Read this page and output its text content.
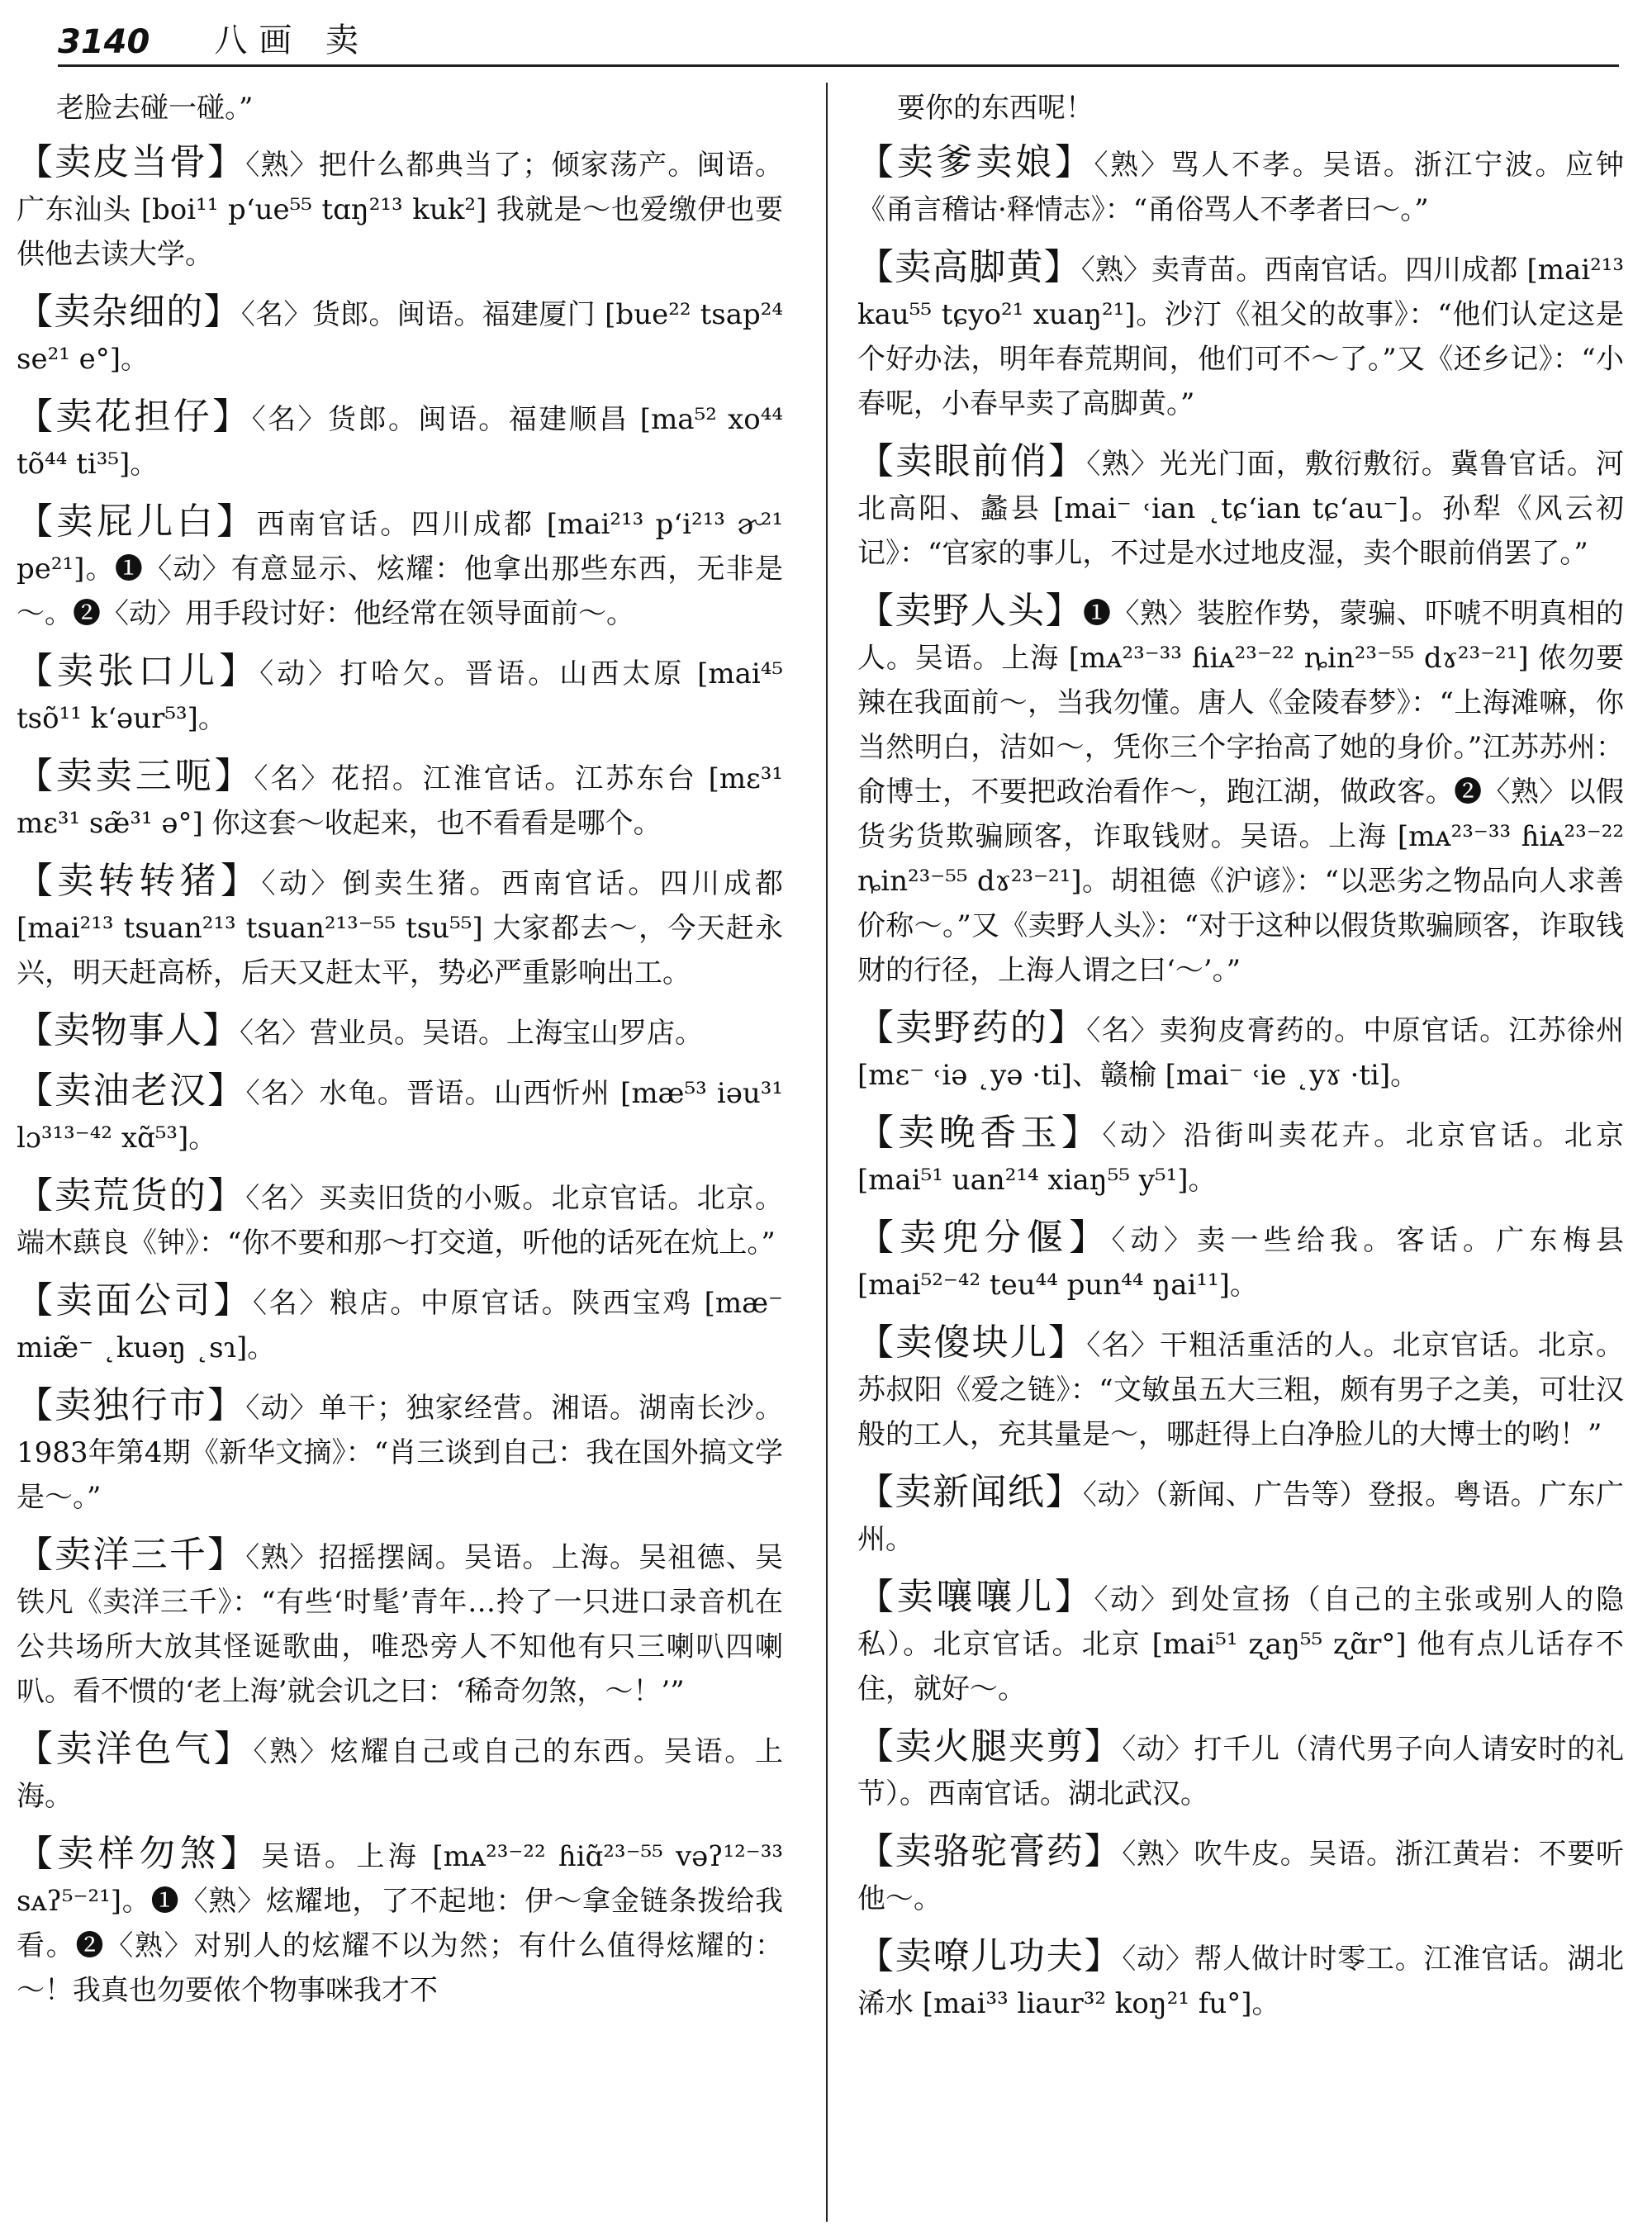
3140 八画 卖
老脸去碰一碰。”
【卖皮当骨】〈熟〉把什么都典当了；倾家荡产。闽语。广东汕头 [boi¹¹ p‘ue⁵⁵ tɑŋ²¹³ kuk²] 我就是～也爱缴伊也要供他去读大学。
【卖杂细的】〈名〉货郎。闽语。福建厦门 [bue²² tsap²⁴ se²¹ e°]。
【卖花担仔】〈名〉货郎。闽语。福建顺昌 [ma⁵² xo⁴⁴ tõ⁴⁴ ti³⁵]。
【卖屁儿白】西南官话。四川成都 [mai²¹³ p‘i²¹³ ɚ²¹ pe²¹]。❶〈动〉有意显示、炫耀：他拿出那些东西，无非是～。❷〈动〉用手段讨好：他经常在领导面前～。
【卖张口儿】〈动〉打哈欠。晋语。山西太原 [mai⁴⁵ tsõ¹¹ k‘əur⁵³]。
【卖卖三呃】〈名〉花招。江淮官话。江苏东台 [mɛ³¹ mɛ³¹ sæ̃³¹ ə°] 你这套～收起来，也不看看是哪个。
【卖转转猪】〈动〉倒卖生猪。西南官话。四川成都 [mai²¹³ tsuan²¹³ tsuan²¹³⁻⁵⁵ tsu⁵⁵] 大家都去～，今天赶永兴，明天赶高桥，后天又赶太平，势必严重影响出工。
【卖物事人】〈名〉营业员。吴语。上海宝山罗店。
【卖油老汉】〈名〉水龟。晋语。山西忻州 [mæ⁵³ iəu³¹ lɔ³¹³⁻⁴² xɑ̃⁵³]。
【卖荒货的】〈名〉买卖旧货的小贩。北京官话。北京。端木蕻良《钟》：“你不要和那～打交道，听他的话死在炕上。”
【卖面公司】〈名〉粮店。中原官话。陕西宝鸡 [mæ⁻ miæ̃⁻ ˛kuəŋ ˛sɿ]。
【卖独行市】〈动〉单干；独家经营。湘语。湖南长沙。1983年第4期《新华文摘》：“肖三谈到自己：我在国外搞文学是～。”
【卖洋三千】〈熟〉招摇摆阔。吴语。上海。吴祖德、吴铁凡《卖洋三千》：“有些‘时髦’青年…拎了一只进口录音机在公共场所大放其怪诞歌曲，唯恐旁人不知他有只三喇叭四喇叭。看不惯的‘老上海’就会讥之曰：‘稀奇勿煞，～！’”
【卖洋色气】〈熟〉炫耀自己或自己的东西。吴语。上海。
【卖样勿煞】吴语。上海 [mᴀ²³⁻²² ɦiɑ̃²³⁻⁵⁵ vəʔ¹²⁻³³ sᴀʔ⁵⁻²¹]。❶〈熟〉炫耀地，了不起地：伊～拿金链条拨给我看。❷〈熟〉对别人的炫耀不以为然；有什么值得炫耀的：～！我真也勿要侬个物事咪我才不
要你的东西呢！
【卖爹卖娘】〈熟〉骂人不孝。吴语。浙江宁波。应钟《甬言稽诂·释情志》：“甬俗骂人不孝者曰～。”
【卖高脚黄】〈熟〉卖青苗。西南官话。四川成都 [mai²¹³ kau⁵⁵ tɕyo²¹ xuaŋ²¹]。沙汀《祖父的故事》：“他们认定这是个好办法，明年春荒期间，他们可不～了。”又《还乡记》：“小春呢，小春早卖了高脚黄。”
【卖眼前俏】〈熟〉光光门面，敷衍敷衍。冀鲁官话。河北高阳、蠡县 [mai⁻ ˓ian ˛tɕ‘ian tɕ‘au⁻]。孙犁《风云初记》：“官家的事儿，不过是水过地皮湿，卖个眼前俏罢了。”
【卖野人头】❶〈熟〉装腔作势，蒙骗、吓唬不明真相的人。吴语。上海 [mᴀ²³⁻³³ ɦiᴀ²³⁻²² ȵin²³⁻⁵⁵ dɤ²³⁻²¹] 侬勿要辣在我面前～，当我勿懂。唐人《金陵春梦》：“上海滩嘛，你当然明白，洁如～，凭你三个字抬高了她的身价。”江苏苏州：俞博士，不要把政治看作～，跑江湖，做政客。❷〈熟〉以假货劣货欺骗顾客，诈取钱财。吴语。上海 [mᴀ²³⁻³³ ɦiᴀ²³⁻²² ȵin²³⁻⁵⁵ dɤ²³⁻²¹]。胡祖德《沪谚》：“以恶劣之物品向人求善价称～。”又《卖野人头》：“对于这种以假货欺骗顾客，诈取钱财的行径，上海人谓之曰‘～’。”
【卖野药的】〈名〉卖狗皮膏药的。中原官话。江苏徐州 [mɛ⁻ ˓iə ˛yə ·ti]、赣榆 [mai⁻ ˓ie ˛yɤ ·ti]。
【卖晚香玉】〈动〉沿街叫卖花卉。北京官话。北京 [mai⁵¹ uan²¹⁴ xiaŋ⁵⁵ y⁵¹]。
【卖兜分偃】〈动〉卖一些给我。客话。广东梅县 [mai⁵²⁻⁴² teu⁴⁴ pun⁴⁴ ŋai¹¹]。
【卖傻块儿】〈名〉干粗活重活的人。北京官话。北京。苏叔阳《爱之链》：“文敏虽五大三粗，颇有男子之美，可壮汉般的工人，充其量是～，哪赶得上白净脸儿的大博士的哟！”
【卖新闻纸】〈动〉（新闻、广告等）登报。粤语。广东广州。
【卖嚷嚷儿】〈动〉到处宣扬（自己的主张或别人的隐私）。北京官话。北京 [mai⁵¹ ʐaŋ⁵⁵ ʐɑ̃r°] 他有点儿话存不住，就好～。
【卖火腿夹剪】〈动〉打千儿（清代男子向人请安时的礼节）。西南官话。湖北武汉。
【卖骆驼膏药】〈熟〉吹牛皮。吴语。浙江黄岩：不要听他～。
【卖嘹儿功夫】〈动〉帮人做计时零工。江淮官话。湖北浠水 [mai³³ liaur³² koŋ²¹ fu°]。
